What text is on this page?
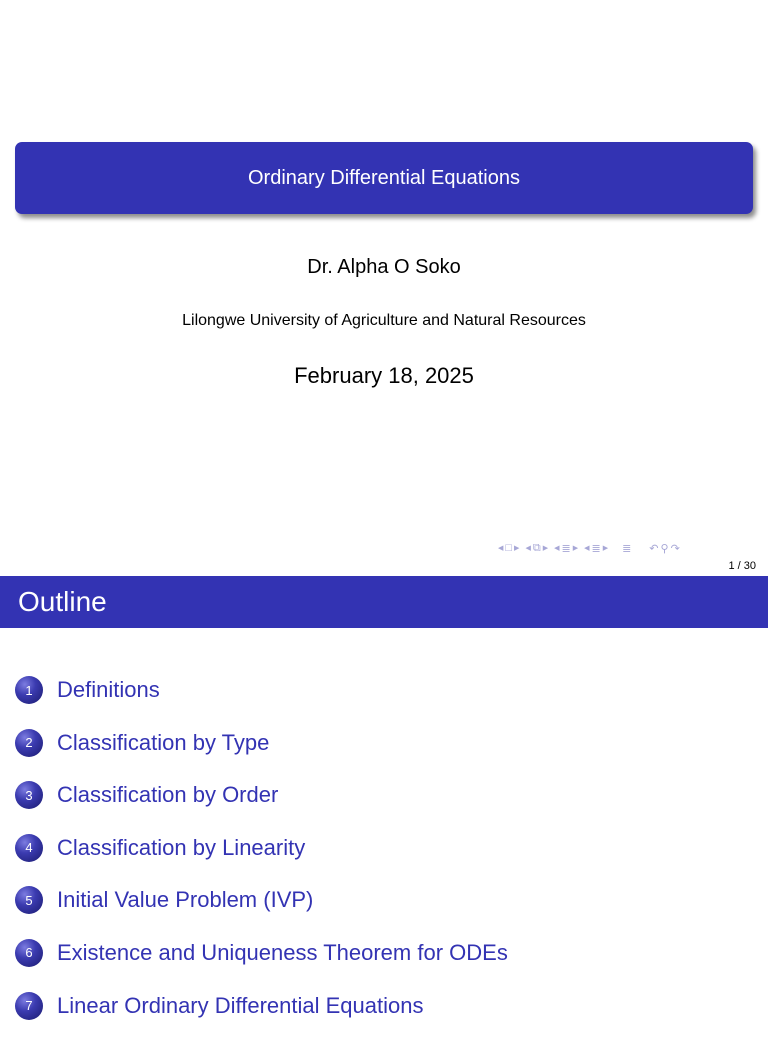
Ordinary Differential Equations
Dr. Alpha O Soko
Lilongwe University of Agriculture and Natural Resources
February 18, 2025
◀ □ ▶ ◀ ⧉ ▶ ◀ ≣ ▶ ◀ ≣ ▶ ≣ ↶ ⚲ ↷
1 / 30
Outline
1	Definitions
2	Classification by Type
3	Classification by Order
4	Classification by Linearity
5	Initial Value Problem (IVP)
6	Existence and Uniqueness Theorem for ODEs
7	Linear Ordinary Differential Equations
